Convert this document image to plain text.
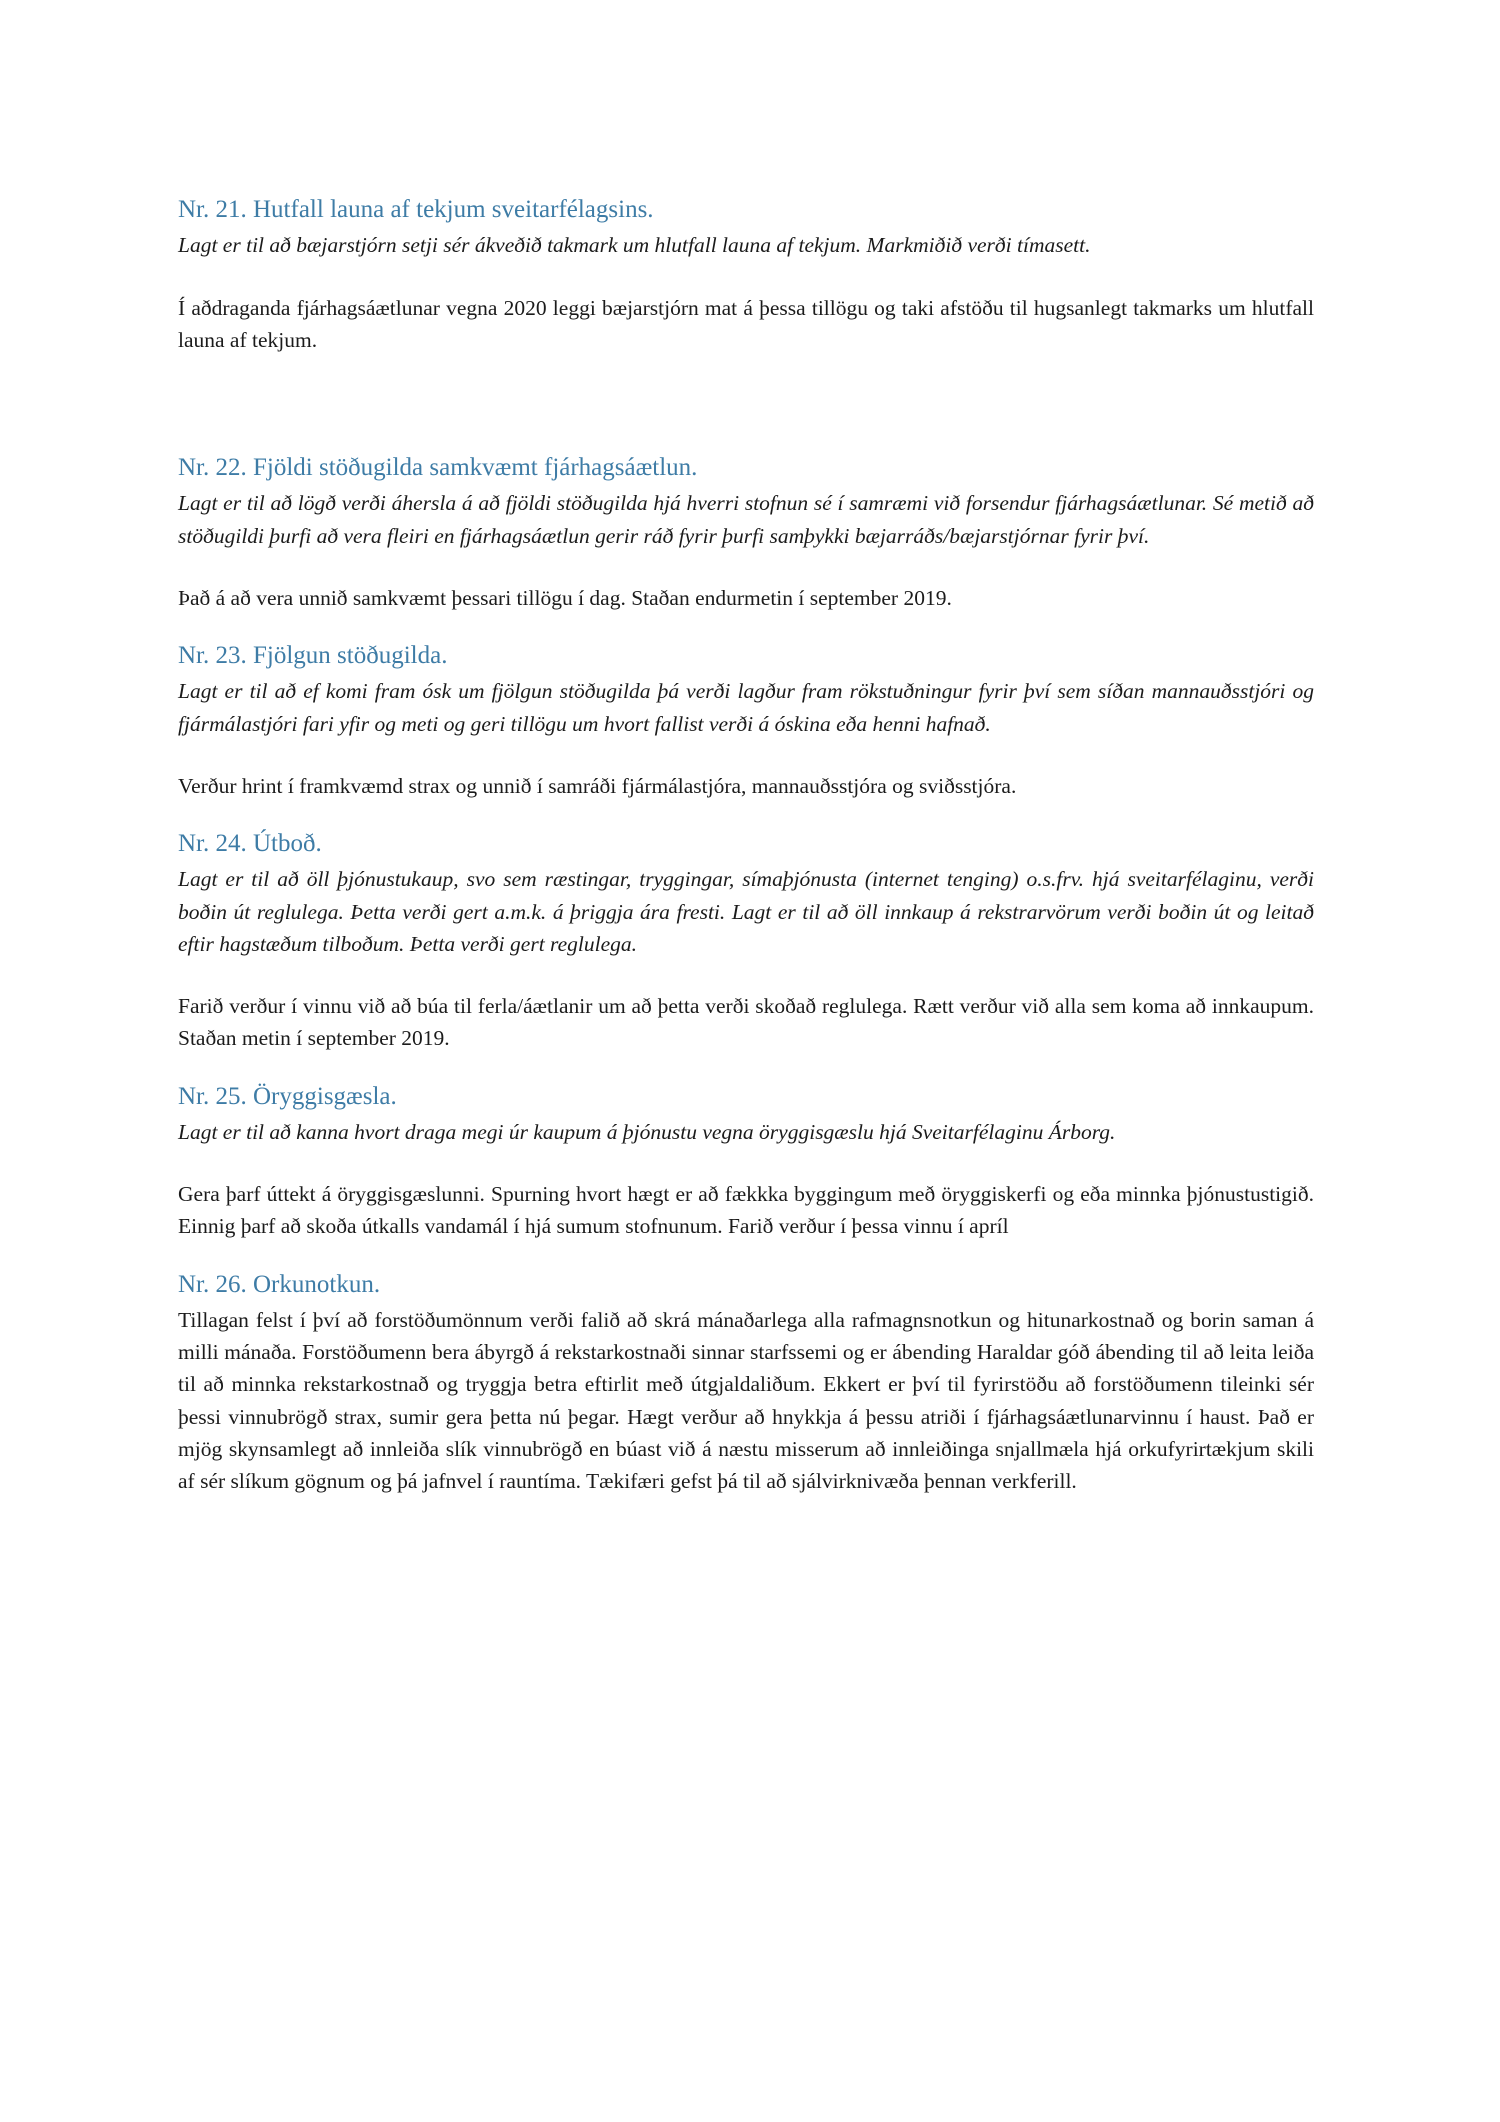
Nr. 21. Hutfall launa af tekjum sveitarfélagsins.

Lagt er til að bæjarstjórn setji sér ákveðið takmark um hlutfall launa af tekjum. Markmiðið verði tímasett.

Í aðdraganda fjárhagsáætlunar vegna 2020 leggi bæjarstjórn mat á þessa tillögu og taki afstöðu til hugsanlegt takmarks um hlutfall launa af tekjum.

Nr. 22. Fjöldi stöðugilda samkvæmt fjárhagsáætlun.

Lagt er til að lögð verði áhersla á að fjöldi stöðugilda hjá hverri stofnun sé í samræmi við forsendur fjárhagsáætlunar. Sé metið að stöðugildi þurfi að vera fleiri en fjárhagsáætlun gerir ráð fyrir þurfi samþykki bæjarráðs/bæjarstjórnar fyrir því.

Það á að vera unnið samkvæmt þessari tillögu í dag. Staðan endurmetin í september 2019.

Nr. 23. Fjölgun stöðugilda.

Lagt er til að ef komi fram ósk um fjölgun stöðugilda þá verði lagður fram rökstuðningur fyrir því sem síðan mannauðsstjóri og fjármálastjóri fari yfir og meti og geri tillögu um hvort fallist verði á óskina eða henni hafnað.

Verður hrint í framkvæmd strax og unnið í samráði fjármálastjóra, mannauðsstjóra og sviðsstjóra.

Nr. 24. Útboð.

Lagt er til að öll þjónustukaup, svo sem ræstingar, tryggingar, símaþjónusta (internet tenging) o.s.frv. hjá sveitarfélaginu, verði boðin út reglulega. Þetta verði gert a.m.k. á þriggja ára fresti. Lagt er til að öll innkaup á rekstrarvörum verði boðin út og leitað eftir hagstæðum tilboðum. Þetta verði gert reglulega.

Farið verður í vinnu við að búa til ferla/áætlanir um að þetta verði skoðað reglulega. Rætt verður við alla sem koma að innkaupum. Staðan metin í september 2019.

Nr. 25. Öryggisgæsla.

Lagt er til að kanna hvort draga megi úr kaupum á þjónustu vegna öryggisgæslu hjá Sveitarfélaginu Árborg.

Gera þarf úttekt á öryggisgæslunni. Spurning hvort hægt er að fækkka byggingum með öryggiskerfi og eða minnka þjónustustigið. Einnig þarf að skoða útkalls vandamál í hjá sumum stofnunum. Farið verður í þessa vinnu í apríl

Nr. 26. Orkunotkun.

Tillagan felst í því að forstöðumönnum verði falið að skrá mánaðarlega alla rafmagnsnotkun og hitunarkostnað og borin saman á milli mánaða. Forstöðumenn bera ábyrgð á rekstarkostnaði sinnar starfssemi og er ábending Haraldar góð ábending til að leita leiða til að minnka rekstarkostnað og tryggja betra eftirlit með útgjaldaliðum. Ekkert er því til fyrirstöðu að forstöðumenn tileinki sér þessi vinnubrögð strax, sumir gera þetta nú þegar. Hægt verður að hnykkja á þessu atriði í fjárhagsáætlunarvinnu í haust. Það er mjög skynsamlegt að innleiða slík vinnubrögð en búast við á næstu misserum að innleiðinga snjallmæla hjá orkufyrirtækjum skili af sér slíkum gögnum og þá jafnvel í rauntíma. Tækifæri gefst þá til að sjálvirknivæða þennan verkferill.
